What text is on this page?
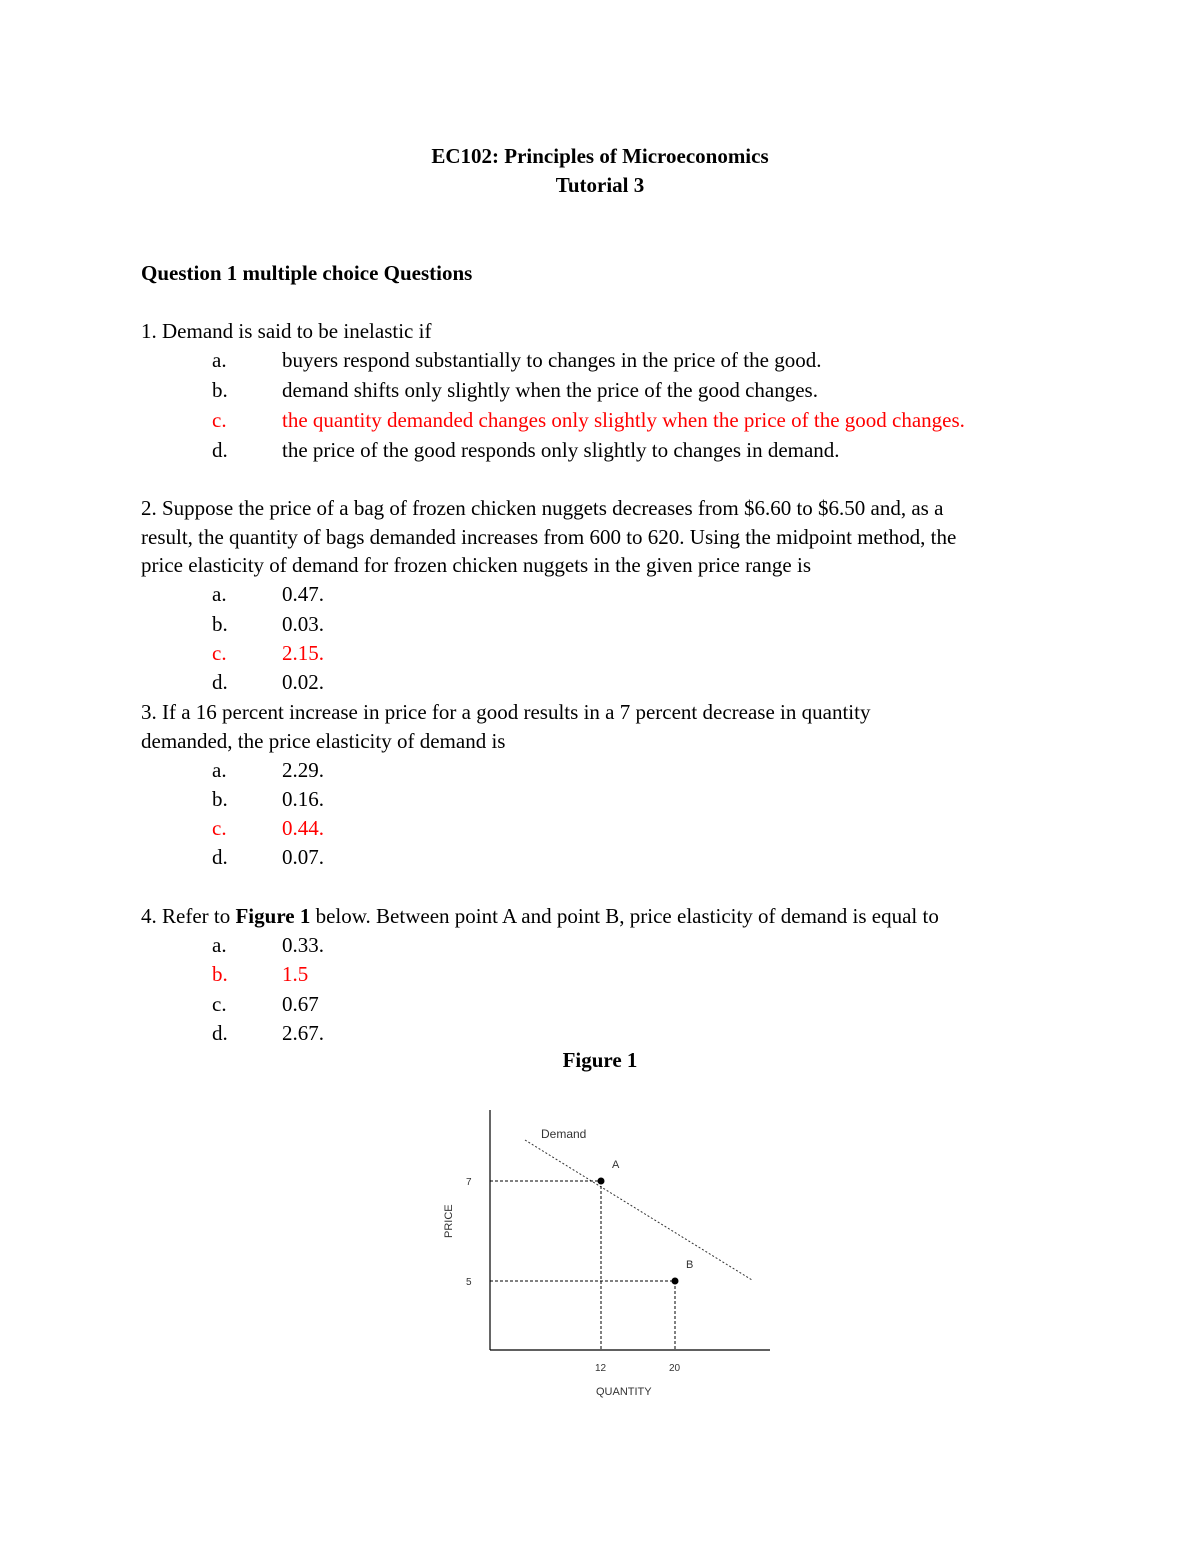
EC102: Principles of Microeconomics
Tutorial 3
Question 1 multiple choice Questions
1. Demand is said to be inelastic if
a.	buyers respond substantially to changes in the price of the good.
b.	demand shifts only slightly when the price of the good changes.
c.	the quantity demanded changes only slightly when the price of the good changes.
d.	the price of the good responds only slightly to changes in demand.
2. Suppose the price of a bag of frozen chicken nuggets decreases from $6.60 to $6.50 and, as a
result, the quantity of bags demanded increases from 600 to 620. Using the midpoint method, the
price elasticity of demand for frozen chicken nuggets in the given price range is
a.	0.47.
b.	0.03.
c.	2.15.
d.	0.02.
3. If a 16 percent increase in price for a good results in a 7 percent decrease in quantity
demanded, the price elasticity of demand is
a.	2.29.
b.	0.16.
c.	0.44.
d.	0.07.
4. Refer to Figure 1 below. Between point A and point B, price elasticity of demand is equal to
a.	0.33.
b.	1.5
c.	0.67
d.	2.67.
Figure 1
Demand
A
7
12
B
5
20
QUANTITY
PRICE
